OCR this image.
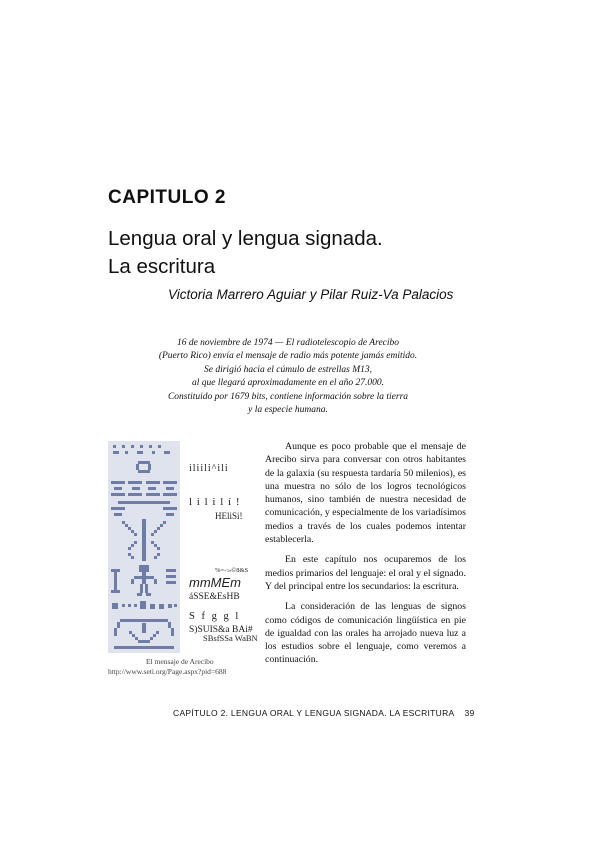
CAPITULO 2
Lengua oral y lengua signada.
La escritura
Victoria Marrero Aguiar y Pilar Ruiz-Va Palacios
16 de noviembre de 1974 — El radiotelescopio de Arecibo
(Puerto Rico) envía el mensaje de radio más potente jamás emitido.
Se dirigió hacia el cúmulo de estrellas M13,
al que llegará aproximadamente en el año 27.000.
Constituido por 1679 bits, contiene información sobre la tierra
y la especie humana.
iliili^ili
l i l i l í !
HEliSi!
%=-:»©8&S
mmMEm
áSSE&EsHB
S f g g l
S)SUIS&a BAi#
SBsfSSa WaBN
El mensaje de Arecibo
http://www.seti.org/Page.aspx?pid=688

Aunque es poco probable que el mensaje de Arecibo sirva para conversar con otros habitantes de la galaxia (su respuesta tardaría 50 milenios), es una muestra no sólo de los logros tecnológicos humanos, sino también de nuestra necesidad de comunicación, y especialmente de los variadísimos medios a través de los cuales podemos intentar establecerla.

En este capítulo nos ocuparemos de los medios primarios del lenguaje: el oral y el signado. Y del principal entre los secundarios: la escritura.

La consideración de las lenguas de signos como códigos de comunicación lingüística en pie de igualdad con las orales ha arrojado nueva luz a los estudios sobre el lenguaje, como veremos a continuación.

CAPÍTULO 2. LENGUA ORAL Y LENGUA SIGNADA. LA ESCRITURA 39
